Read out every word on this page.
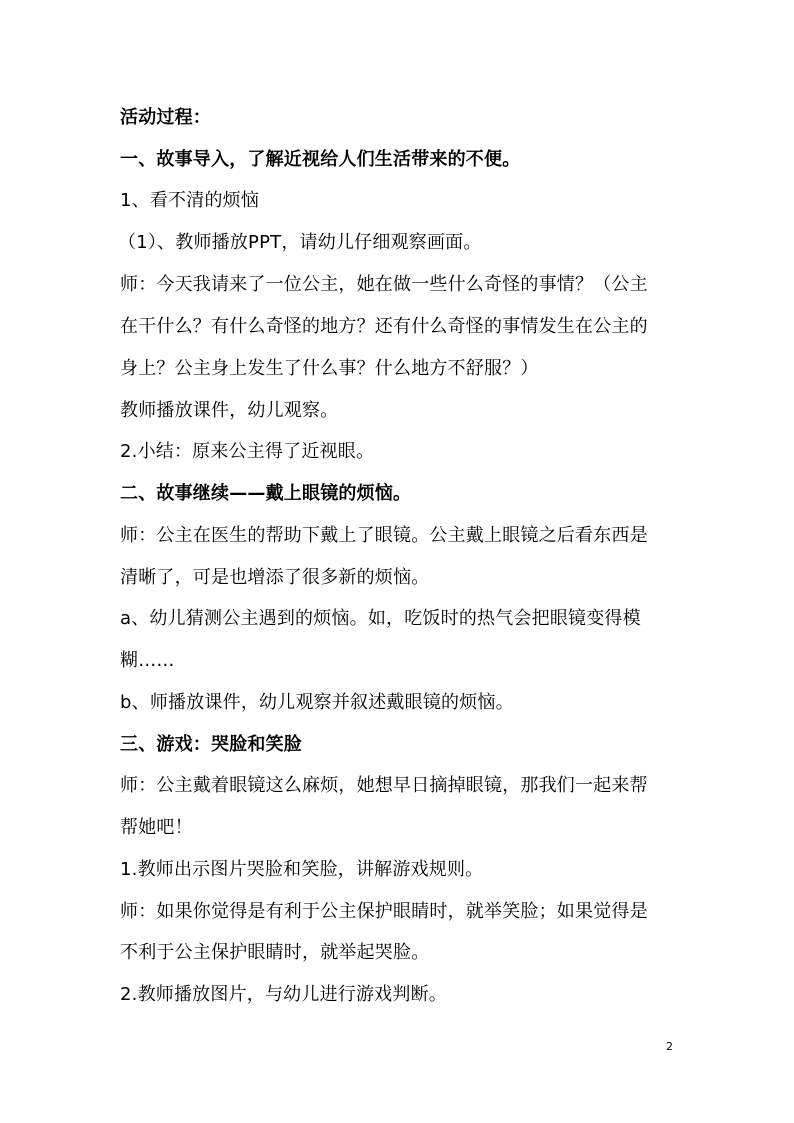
活动过程：
一、故事导入，了解近视给人们生活带来的不便。
1、看不清的烦恼
（1）、教师播放PPT，请幼儿仔细观察画面。
师：今天我请来了一位公主，她在做一些什么奇怪的事情？（公主
在干什么？有什么奇怪的地方？还有什么奇怪的事情发生在公主的
身上？公主身上发生了什么事？什么地方不舒服？）
教师播放课件，幼儿观察。
2.小结：原来公主得了近视眼。
二、故事继续——戴上眼镜的烦恼。
师：公主在医生的帮助下戴上了眼镜。公主戴上眼镜之后看东西是
清晰了，可是也增添了很多新的烦恼。
a、幼儿猜测公主遇到的烦恼。如，吃饭时的热气会把眼镜变得模
糊……
b、师播放课件，幼儿观察并叙述戴眼镜的烦恼。
三、游戏：哭脸和笑脸
师：公主戴着眼镜这么麻烦，她想早日摘掉眼镜，那我们一起来帮
帮她吧！
1.教师出示图片哭脸和笑脸，讲解游戏规则。
师：如果你觉得是有利于公主保护眼睛时，就举笑脸；如果觉得是
不利于公主保护眼睛时，就举起哭脸。
2.教师播放图片，与幼儿进行游戏判断。
2
